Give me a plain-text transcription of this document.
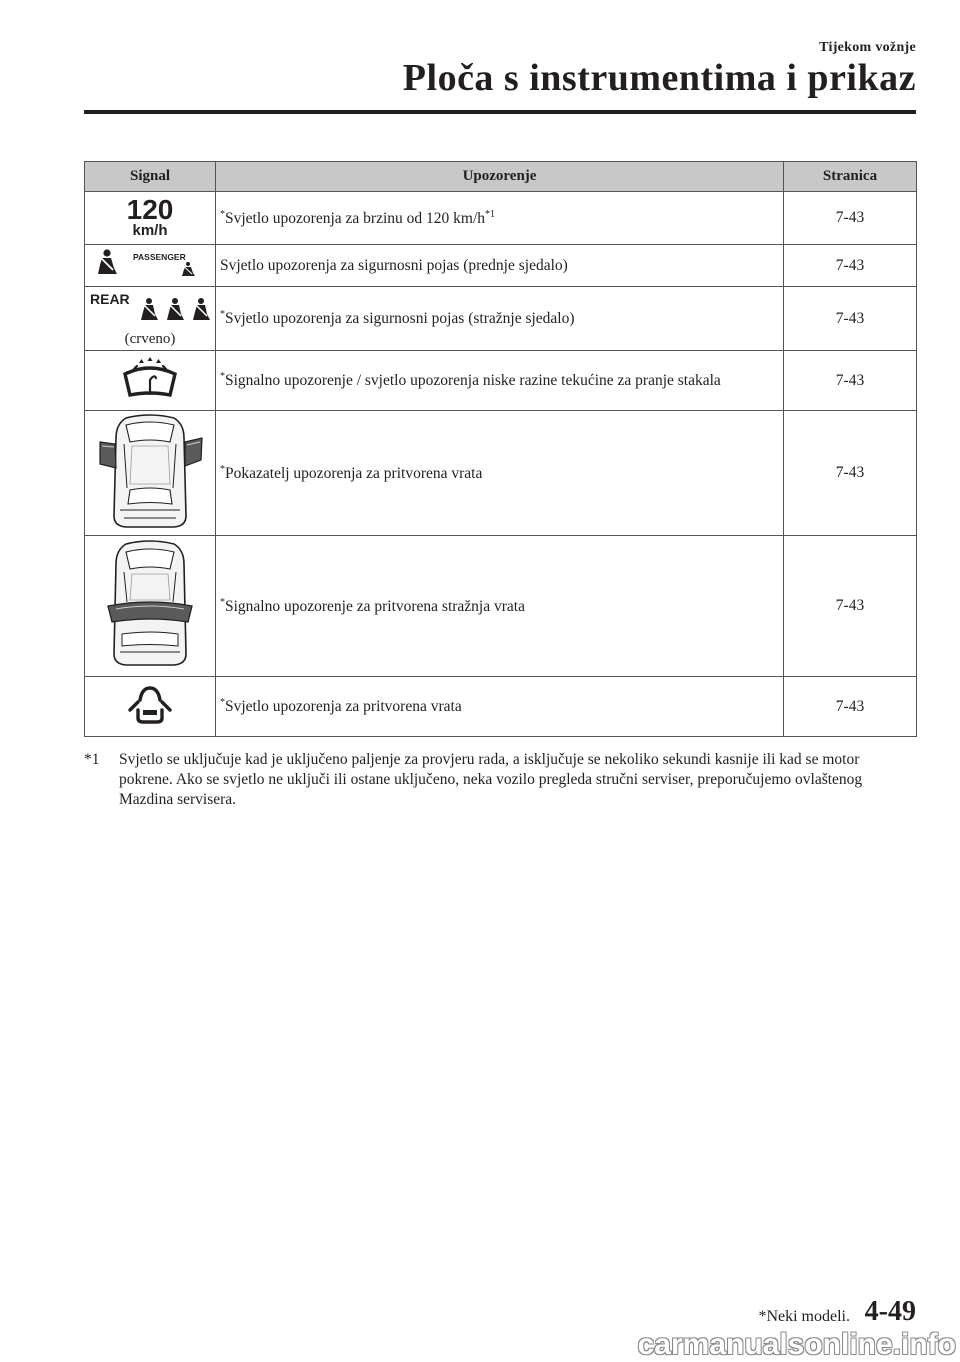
Tijekom vožnje
Ploča s instrumentima i prikaz
Signal	Upozorenje	Stranica

120
km/h	*Svjetlo upozorenja za brzinu od 120 $km/h^{*1}$	7-43

PASSENGER	Svjetlo upozorenja za sigurnosni pojas (prednje sjedalo)	7-43

REAR
(crveno)	*Svjetlo upozorenja za sigurnosni pojas (stražnje sjedalo)	7-43
	*Signalno upozorenje / svjetlo upozorenja niske razine tekućine za pranje stakala	7-43
	*Pokazatelj upozorenja za pritvorena vrata	7-43
	*Signalno upozorenje za pritvorena stražnja vrata	7-43
	*Svjetlo upozorenja za pritvorena vrata	7-43
*1 Svjetlo se uključuje kad je uključeno paljenje za provjeru rada, a isključuje se nekoliko sekundi kasnije ili kad se motor pokrene. Ako se svjetlo ne uključi ili ostane uključeno, neka vozilo pregleda stručni serviser, preporučujemo ovlaštenog Mazdina servisera.
*Neki modeli. 4-49
carmanualsonline.info
